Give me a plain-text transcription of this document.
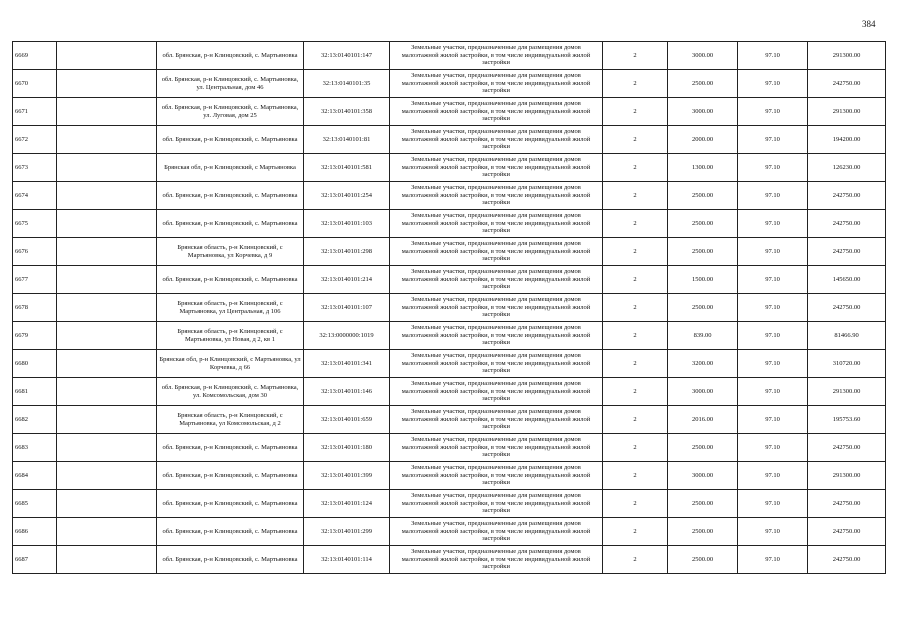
384
6669		обл. Брянская, р-н Клинцовский, с. Мартьяновка	32:13:0140101:147	Земельные участки, предназначенные для размещения домов малоэтажной жилой застройки, в том числе индивидуальной жилой застройки	2	3000.00	97.10	291300.00
6670		обл. Брянская, р-н Клинцовский, с. Мартьяновка, ул. Центральная, дом 46	32:13:0140101:35	Земельные участки, предназначенные для размещения домов малоэтажной жилой застройки, в том числе индивидуальной жилой застройки	2	2500.00	97.10	242750.00
6671		обл. Брянская, р-н Клинцовский, с. Мартьяновка, ул. Луговая, дом 25	32:13:0140101:358	Земельные участки, предназначенные для размещения домов малоэтажной жилой застройки, в том числе индивидуальной жилой застройки	2	3000.00	97.10	291300.00
6672		обл. Брянская, р-н Клинцовский, с. Мартьяновка	32:13:0140101:81	Земельные участки, предназначенные для размещения домов малоэтажной жилой застройки, в том числе индивидуальной жилой застройки	2	2000.00	97.10	194200.00
6673		Брянская обл, р-н Клинцовский, с Мартьяновка	32:13:0140101:581	Земельные участки, предназначенные для размещения домов малоэтажной жилой застройки, в том числе индивидуальной жилой застройки	2	1300.00	97.10	126230.00
6674		обл. Брянская, р-н Клинцовский, с. Мартьяновка	32:13:0140101:254	Земельные участки, предназначенные для размещения домов малоэтажной жилой застройки, в том числе индивидуальной жилой застройки	2	2500.00	97.10	242750.00
6675		обл. Брянская, р-н Клинцовский, с. Мартьяновка	32:13:0140101:103	Земельные участки, предназначенные для размещения домов малоэтажной жилой застройки, в том числе индивидуальной жилой застройки	2	2500.00	97.10	242750.00
6676		Брянская область, р-н Клинцовский, с Мартьяновка, ул Корчевка, д 9	32:13:0140101:298	Земельные участки, предназначенные для размещения домов малоэтажной жилой застройки, в том числе индивидуальной жилой застройки	2	2500.00	97.10	242750.00
6677		обл. Брянская, р-н Клинцовский, с. Мартьяновка	32:13:0140101:214	Земельные участки, предназначенные для размещения домов малоэтажной жилой застройки, в том числе индивидуальной жилой застройки	2	1500.00	97.10	145650.00
6678		Брянская область, р-н Клинцовский, с Мартьяновка, ул Центральная, д 106	32:13:0140101:107	Земельные участки, предназначенные для размещения домов малоэтажной жилой застройки, в том числе индивидуальной жилой застройки	2	2500.00	97.10	242750.00
6679		Брянская область, р-н Клинцовский, с Мартьяновка, ул Новая, д 2, кв 1	32:13:0000000:1019	Земельные участки, предназначенные для размещения домов малоэтажной жилой застройки, в том числе индивидуальной жилой застройки	2	839.00	97.10	81466.90
6680		Брянская обл, р-н Клинцовский, с Мартьяновка, ул Корчевка, д 66	32:13:0140101:341	Земельные участки, предназначенные для размещения домов малоэтажной жилой застройки, в том числе индивидуальной жилой застройки	2	3200.00	97.10	310720.00
6681		обл. Брянская, р-н Клинцовский, с. Мартьяновка, ул. Комсомольская, дом 30	32:13:0140101:146	Земельные участки, предназначенные для размещения домов малоэтажной жилой застройки, в том числе индивидуальной жилой застройки	2	3000.00	97.10	291300.00
6682		Брянская область, р-н Клинцовский, с Мартьяновка, ул Комсомольская, д 2	32:13:0140101:659	Земельные участки, предназначенные для размещения домов малоэтажной жилой застройки, в том числе индивидуальной жилой застройки	2	2016.00	97.10	195753.60
6683		обл. Брянская, р-н Клинцовский, с. Мартьяновка	32:13:0140101:180	Земельные участки, предназначенные для размещения домов малоэтажной жилой застройки, в том числе индивидуальной жилой застройки	2	2500.00	97.10	242750.00
6684		обл. Брянская, р-н Клинцовский, с. Мартьяновка	32:13:0140101:399	Земельные участки, предназначенные для размещения домов малоэтажной жилой застройки, в том числе индивидуальной жилой застройки	2	3000.00	97.10	291300.00
6685		обл. Брянская, р-н Клинцовский, с. Мартьяновка	32:13:0140101:124	Земельные участки, предназначенные для размещения домов малоэтажной жилой застройки, в том числе индивидуальной жилой застройки	2	2500.00	97.10	242750.00
6686		обл. Брянская, р-н Клинцовский, с. Мартьяновка	32:13:0140101:299	Земельные участки, предназначенные для размещения домов малоэтажной жилой застройки, в том числе индивидуальной жилой застройки	2	2500.00	97.10	242750.00
6687		обл. Брянская, р-н Клинцовский, с. Мартьяновка	32:13:0140101:114	Земельные участки, предназначенные для размещения домов малоэтажной жилой застройки, в том числе индивидуальной жилой застройки	2	2500.00	97.10	242750.00
